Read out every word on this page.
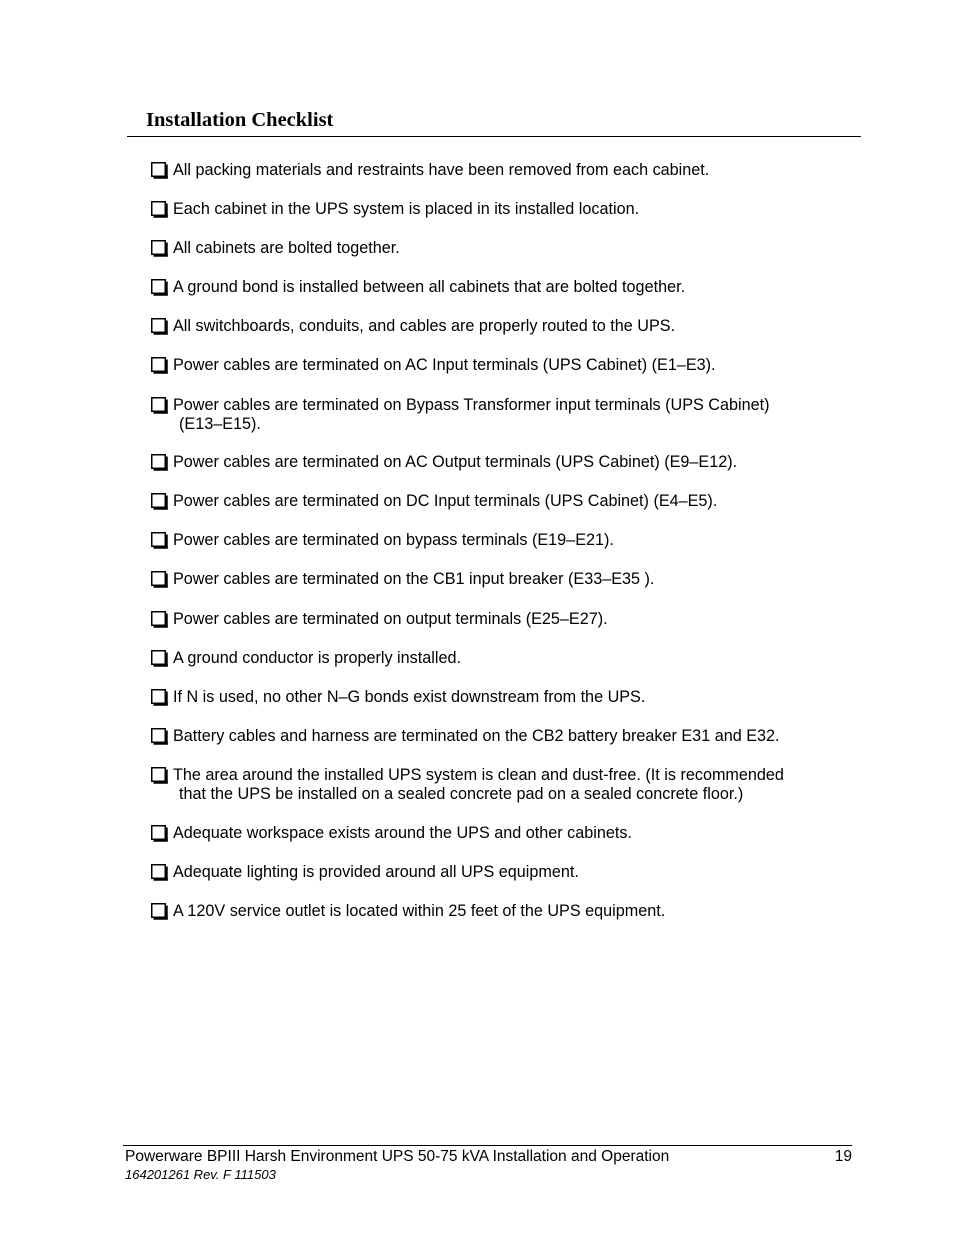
Installation Checklist
All packing materials and restraints have been removed from each cabinet.
Each cabinet in the UPS system is placed in its installed location.
All cabinets are bolted together.
A ground bond is installed between all cabinets that are bolted together.
All switchboards, conduits, and cables are properly routed to the UPS.
Power cables are terminated on AC Input terminals (UPS Cabinet) (E1–E3).
Power cables are terminated on Bypass Transformer input terminals (UPS Cabinet)
(E13–E15).
Power cables are terminated on AC Output terminals (UPS Cabinet) (E9–E12).
Power cables are terminated on DC Input terminals (UPS Cabinet) (E4–E5).
Power cables are terminated on bypass terminals (E19–E21).
Power cables are terminated on the CB1 input breaker (E33–E35 ).
Power cables are terminated on output terminals (E25–E27).
A ground conductor is properly installed.
If N is used, no other N–G bonds exist downstream from the UPS.
Battery cables and harness are terminated on the CB2 battery breaker E31 and E32.
The area around the installed UPS system is clean and dust-free. (It is recommended
that the UPS be installed on a sealed concrete pad on a sealed concrete floor.)
Adequate workspace exists around the UPS and other cabinets.
Adequate lighting is provided around all UPS equipment.
A 120V service outlet is located within 25 feet of the UPS equipment.
Powerware BPIII Harsh Environment UPS 50‑75 kVA Installation and Operation	19
164201261 Rev. F 111503
